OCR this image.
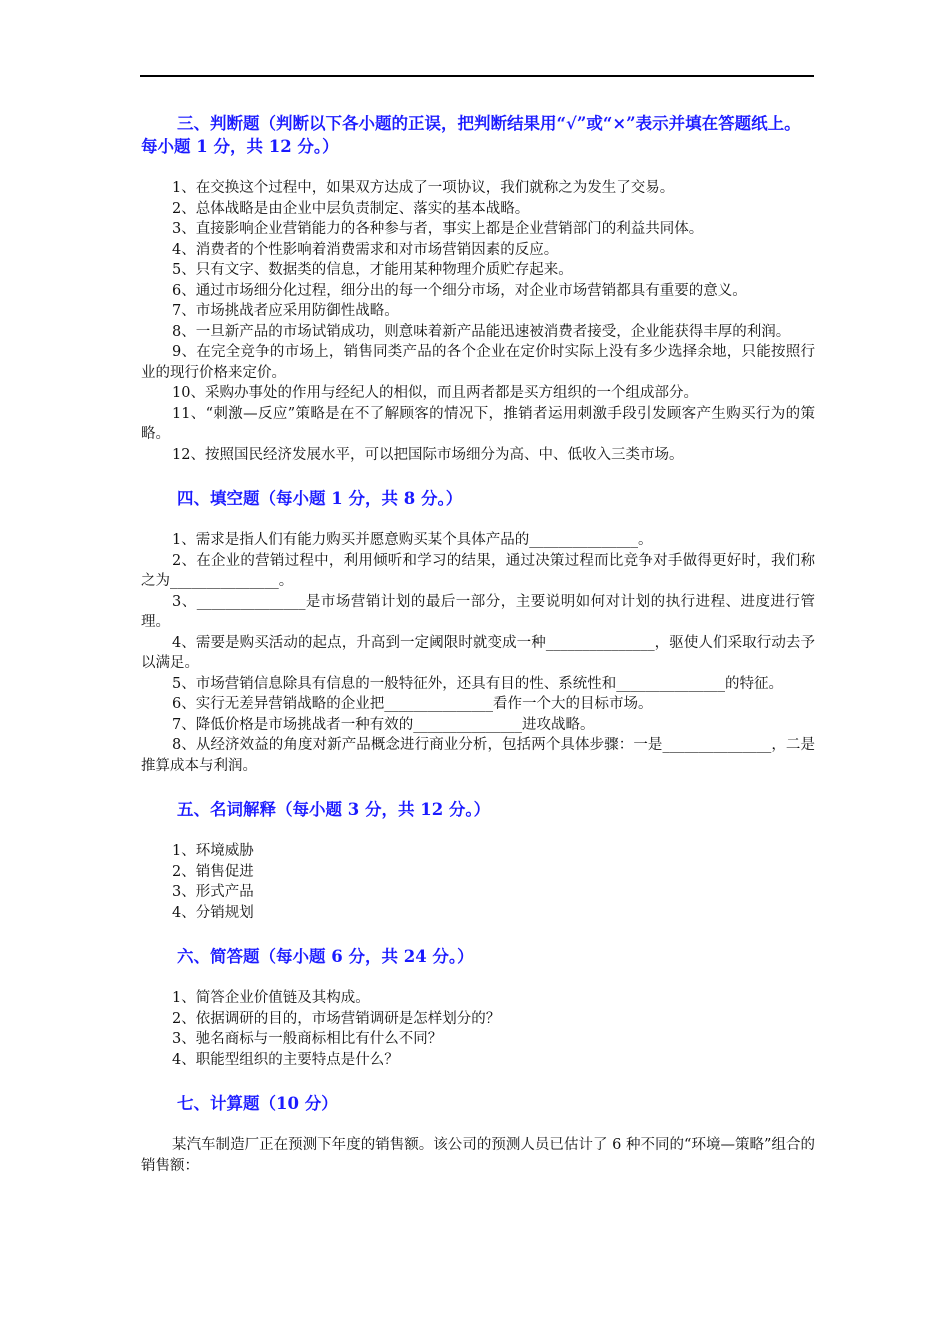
三、判断题（判断以下各小题的正误，把判断结果用“√”或“×”表示并填在答题纸上。每小题 1 分，共 12 分。）

1、在交换这个过程中，如果双方达成了一项协议，我们就称之为发生了交易。

2、总体战略是由企业中层负责制定、落实的基本战略。

3、直接影响企业营销能力的各种参与者，事实上都是企业营销部门的利益共同体。

4、消费者的个性影响着消费需求和对市场营销因素的反应。

5、只有文字、数据类的信息，才能用某种物理介质贮存起来。

6、通过市场细分化过程，细分出的每一个细分市场，对企业市场营销都具有重要的意义。

7、市场挑战者应采用防御性战略。

8、一旦新产品的市场试销成功，则意味着新产品能迅速被消费者接受，企业能获得丰厚的利润。

9、在完全竞争的市场上，销售同类产品的各个企业在定价时实际上没有多少选择余地，只能按照行业的现行价格来定价。

10、采购办事处的作用与经纪人的相似，而且两者都是买方组织的一个组成部分。

11、“刺激—反应”策略是在不了解顾客的情况下，推销者运用刺激手段引发顾客产生购买行为的策略。

12、按照国民经济发展水平，可以把国际市场细分为高、中、低收入三类市场。

四、填空题（每小题 1 分，共 8 分。）

1、需求是指人们有能力购买并愿意购买某个具体产品的_______________。

2、在企业的营销过程中，利用倾听和学习的结果，通过决策过程而比竞争对手做得更好时，我们称之为_______________。

3、_______________是市场营销计划的最后一部分，主要说明如何对计划的执行进程、进度进行管理。

4、需要是购买活动的起点，升高到一定阈限时就变成一种_______________，驱使人们采取行动去予以满足。

5、市场营销信息除具有信息的一般特征外，还具有目的性、系统性和_______________的特征。

6、实行无差异营销战略的企业把_______________看作一个大的目标市场。

7、降低价格是市场挑战者一种有效的_______________进攻战略。

8、从经济效益的角度对新产品概念进行商业分析，包括两个具体步骤：一是_______________，二是推算成本与利润。

五、名词解释（每小题 3 分，共 12 分。）

1、环境威胁

2、销售促进

3、形式产品

4、分销规划

六、简答题（每小题 6 分，共 24 分。）

1、简答企业价值链及其构成。

2、依据调研的目的，市场营销调研是怎样划分的？

3、驰名商标与一般商标相比有什么不同？

4、职能型组织的主要特点是什么？

七、计算题（10 分）

某汽车制造厂正在预测下年度的销售额。该公司的预测人员已估计了 6 种不同的“环境—策略”组合的销售额：
